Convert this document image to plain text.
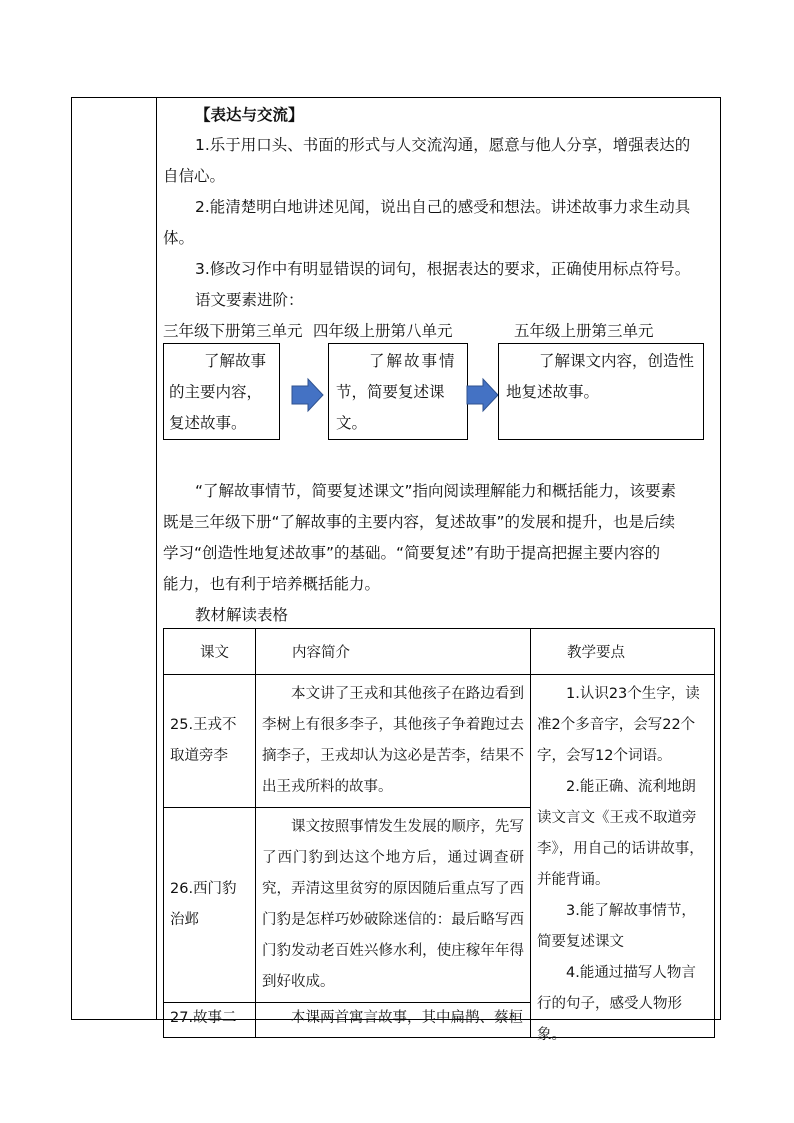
【表达与交流】
1.乐于用口头、书面的形式与人交流沟通，愿意与他人分享，增强表达的
自信心。
2.能清楚明白地讲述见闻，说出自己的感受和想法。讲述故事力求生动具
体。
3.修改习作中有明显错误的词句，根据表达的要求，正确使用标点符号。
语文要素进阶：
三年级下册第三单元 四年级上册第八单元	五年级上册第三单元
了解故事
的主要内容，
复述故事。
了解故事情
节，简要复述课文。
了解课文内容，创造性
地复述故事。
“了解故事情节，简要复述课文”指向阅读理解能力和概括能力，该要素
既是三年级下册“了解故事的主要内容，复述故事”的发展和提升，也是后续
学习“创造性地复述故事”的基础。“简要复述”有助于提高把握主要内容的
能力，也有利于培养概括能力。
教材解读表格
课文	内容简介	教学要点

25.王戎不取道旁李	本文讲了王戎和其他孩子在路边看到李树上有很多李子，其他孩子争着跑过去摘李子，王戎却认为这必是苦李，结果不出王戎所料的故事。	1.认识23个生字，读准2个多音字，会写22个字，会写12个词语。
2.能正确、流利地朗读文言文《王戎不取道旁李》，用自己的话讲故事，并能背诵。
3.能了解故事情节，简要复述课文
4.能通过描写人物言行的句子，感受人物形象。

26.西门豹治邺	课文按照事情发生发展的顺序，先写了西门豹到达这个地方后，通过调查研究，弄清这里贫穷的原因随后重点写了西门豹是怎样巧妙破除迷信的：最后略写西门豹发动老百姓兴修水利，使庄稼年年得到好收成。	

27.故事二	本课两首寓言故事，其中扁鹊、蔡桓	
